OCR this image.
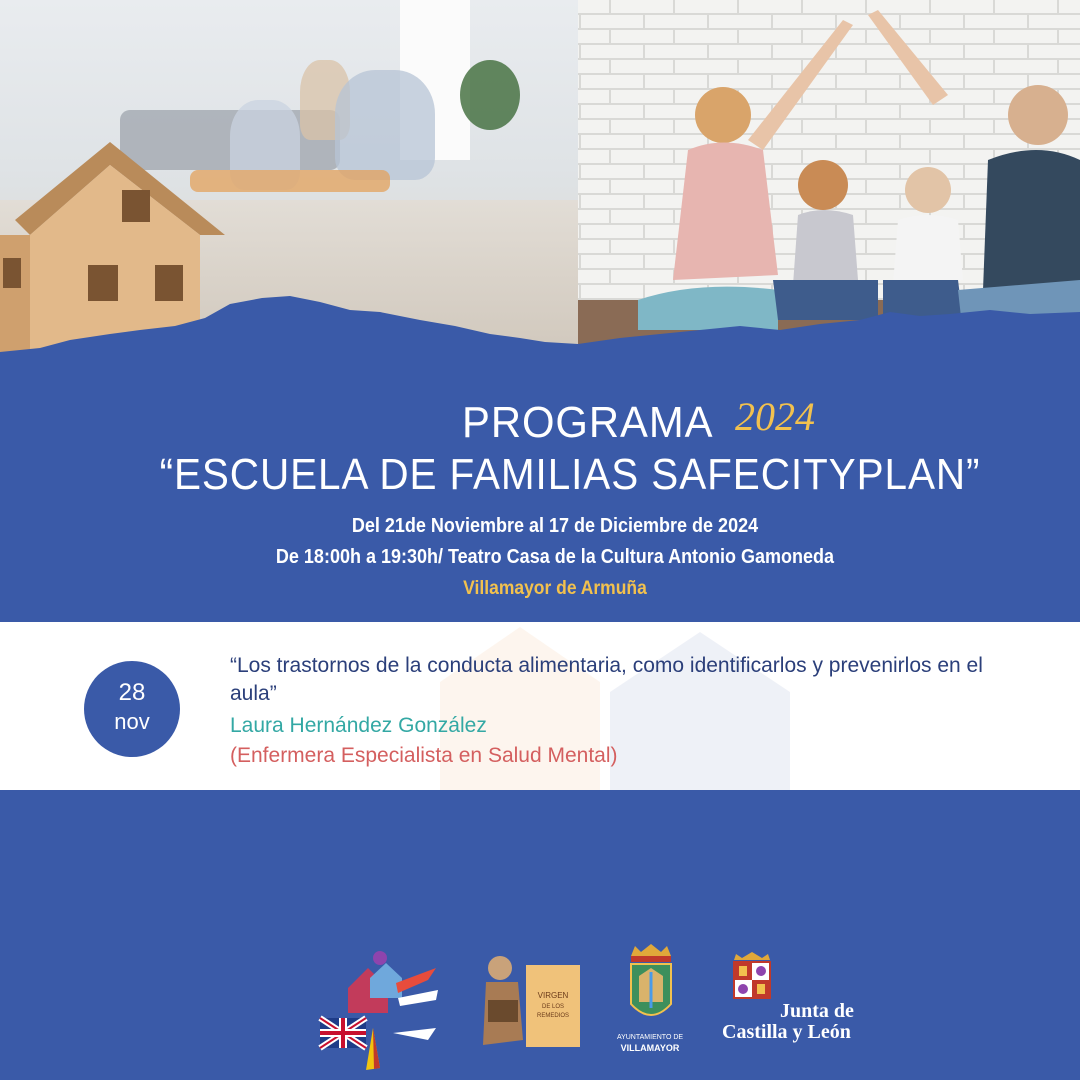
PROGRAMA 2024
“ESCUELA DE FAMILIAS SAFECITYPLAN”
Del 21de Noviembre al 17 de Diciembre de 2024
De 18:00h a 19:30h/ Teatro Casa de la Cultura Antonio Gamoneda
Villamayor de Armuña
28
nov
“Los trastornos de la conducta alimentaria, como identificarlos y prevenirlos en el aula”
Laura Hernández González
(Enfermera Especialista en Salud Mental)
VIRGEN
DE LOS
REMEDIOS
AYUNTAMIENTO DE
VILLAMAYOR
Junta de
Castilla y León
